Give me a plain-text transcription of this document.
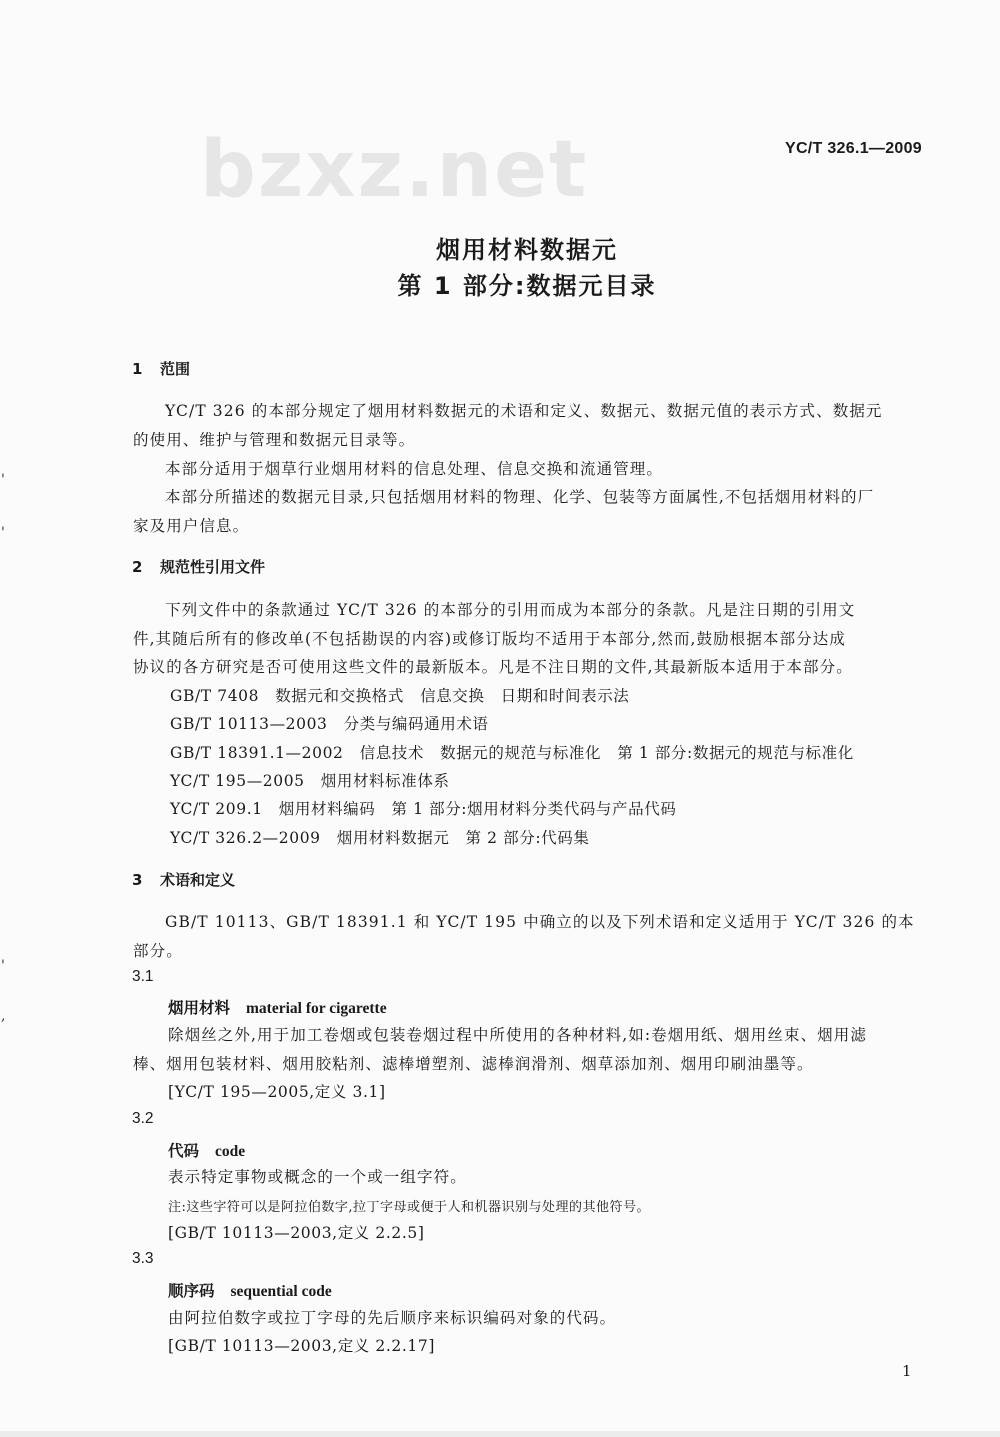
bzxz.net	YC/T 326.1—2009
烟用材料数据元
第 1 部分:数据元目录
1 范围
YC/T 326 的本部分规定了烟用材料数据元的术语和定义、数据元、数据元值的表示方式、数据元
的使用、维护与管理和数据元目录等。
本部分适用于烟草行业烟用材料的信息处理、信息交换和流通管理。
本部分所描述的数据元目录,只包括烟用材料的物理、化学、包装等方面属性,不包括烟用材料的厂
家及用户信息。
2 规范性引用文件
下列文件中的条款通过 YC/T 326 的本部分的引用而成为本部分的条款。凡是注日期的引用文
件,其随后所有的修改单(不包括勘误的内容)或修订版均不适用于本部分,然而,鼓励根据本部分达成
协议的各方研究是否可使用这些文件的最新版本。凡是不注日期的文件,其最新版本适用于本部分。
GB/T 7408　数据元和交换格式　信息交换　日期和时间表示法
GB/T 10113—2003　分类与编码通用术语
GB/T 18391.1—2002　信息技术　数据元的规范与标准化　第 1 部分:数据元的规范与标准化
YC/T 195—2005　烟用材料标准体系
YC/T 209.1　烟用材料编码　第 1 部分:烟用材料分类代码与产品代码
YC/T 326.2—2009　烟用材料数据元　第 2 部分:代码集
3 术语和定义
GB/T 10113、GB/T 18391.1 和 YC/T 195 中确立的以及下列术语和定义适用于 YC/T 326 的本
部分。
3.1
烟用材料 material for cigarette
除烟丝之外,用于加工卷烟或包装卷烟过程中所使用的各种材料,如:卷烟用纸、烟用丝束、烟用滤
棒、烟用包装材料、烟用胶粘剂、滤棒增塑剂、滤棒润滑剂、烟草添加剂、烟用印刷油墨等。
[YC/T 195—2005,定义 3.1]
3.2
代码 code
表示特定事物或概念的一个或一组字符。
注:这些字符可以是阿拉伯数字,拉丁字母或便于人和机器识别与处理的其他符号。
[GB/T 10113—2003,定义 2.2.5]
3.3
顺序码 sequential code
由阿拉伯数字或拉丁字母的先后顺序来标识编码对象的代码。
[GB/T 10113—2003,定义 2.2.17]
1
'
'
'
,
